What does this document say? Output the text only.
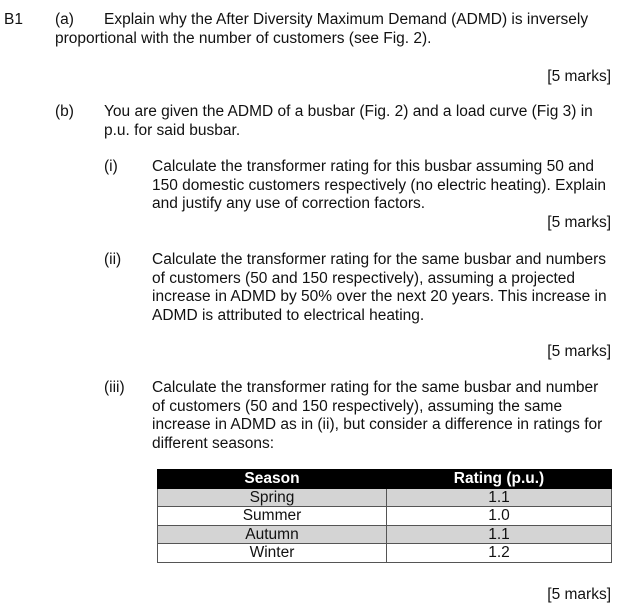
B1 (a)	Explain why the After Diversity Maximum Demand (ADMD) is inversely proportional with the number of customers (see Fig. 2).
[5 marks]
(b) You are given the ADMD of a busbar (Fig. 2) and a load curve (Fig 3) in p.u. for said busbar.
(i) Calculate the transformer rating for this busbar assuming 50 and 150 domestic customers respectively (no electric heating). Explain and justify any use of correction factors.
[5 marks]
(ii) Calculate the transformer rating for the same busbar and numbers of customers (50 and 150 respectively), assuming a projected increase in ADMD by 50% over the next 20 years. This increase in ADMD is attributed to electrical heating.
[5 marks]
(iii) Calculate the transformer rating for the same busbar and number of customers (50 and 150 respectively), assuming the same increase in ADMD as in (ii), but consider a difference in ratings for different seasons:
Season	Rating (p.u.)
Spring	1.1
Summer	1.0
Autumn	1.1
Winter	1.2
[5 marks]
